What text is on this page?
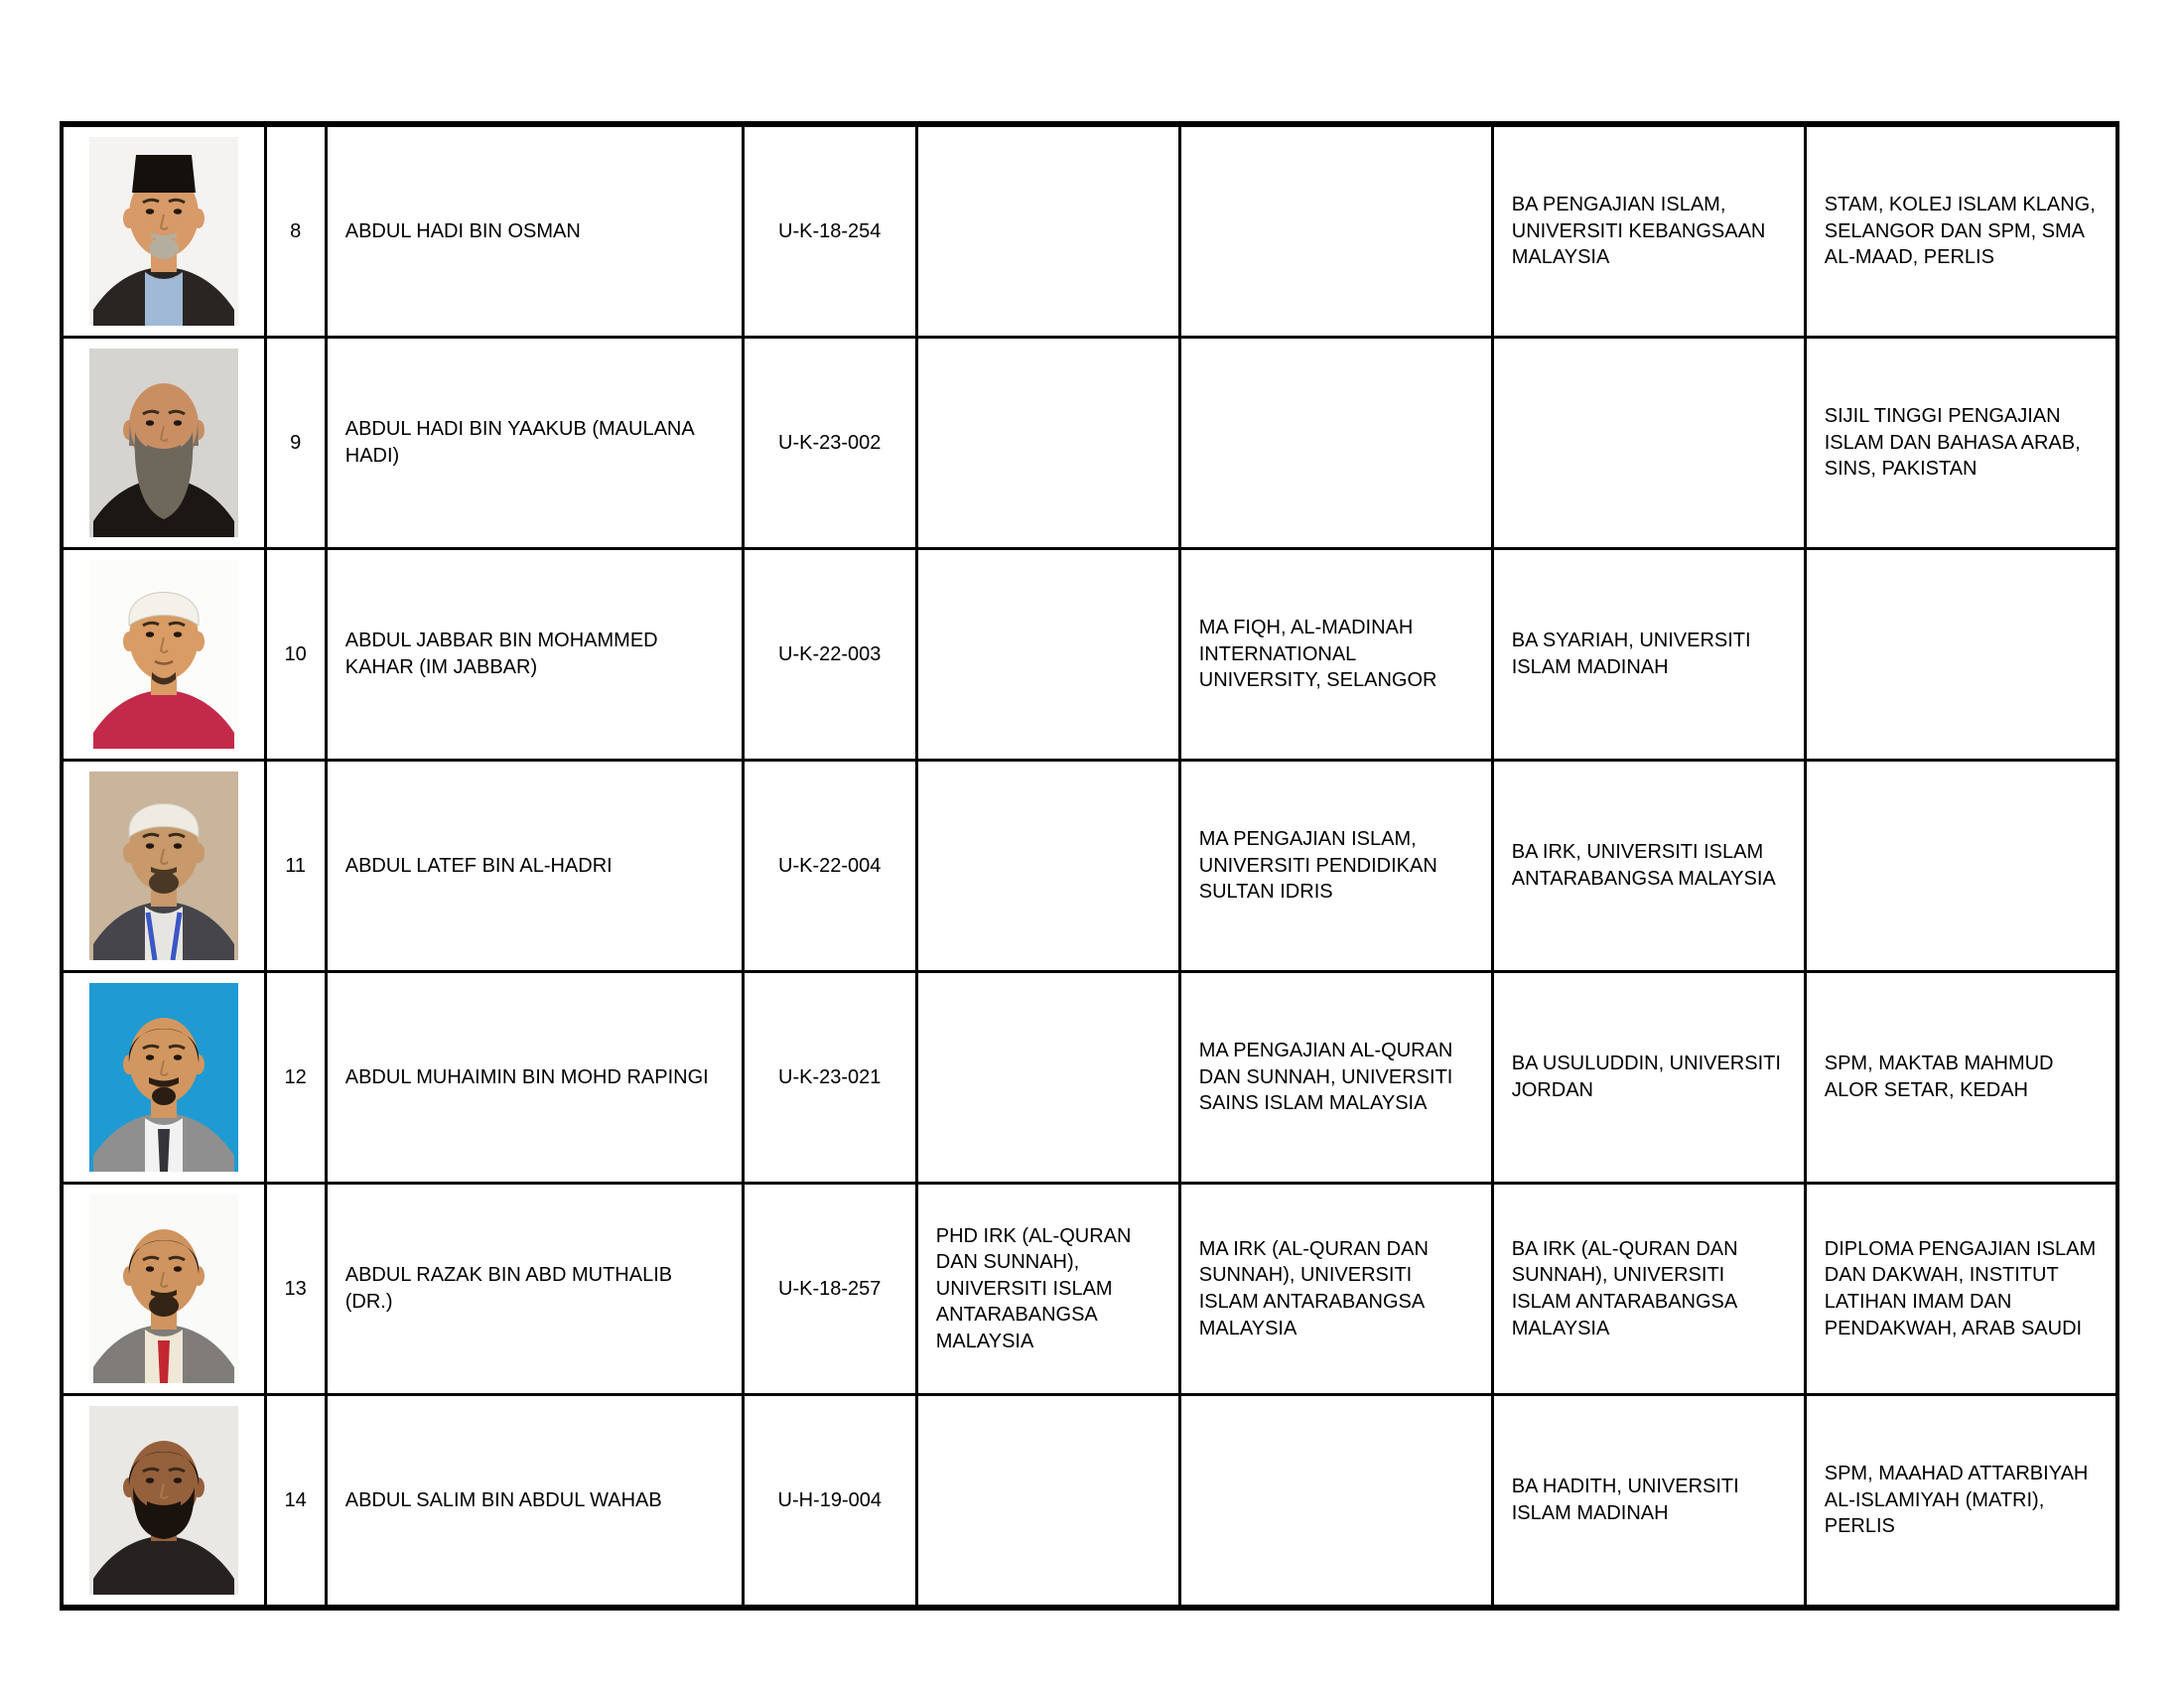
	8	ABDUL HADI BIN OSMAN	U-K-18-254			BA PENGAJIAN ISLAM, UNIVERSITI KEBANGSAAN MALAYSIA	STAM, KOLEJ ISLAM KLANG, SELANGOR DAN SPM, SMA AL-MAAD, PERLIS

	9	ABDUL HADI BIN YAAKUB (MAULANA HADI)	U-K-23-002				SIJIL TINGGI PENGAJIAN ISLAM DAN BAHASA ARAB, SINS, PAKISTAN

	10	ABDUL JABBAR BIN MOHAMMED KAHAR (IM JABBAR)	U-K-22-003		MA FIQH, AL-MADINAH INTERNATIONAL UNIVERSITY, SELANGOR	BA SYARIAH, UNIVERSITI ISLAM MADINAH	

	11	ABDUL LATEF BIN AL-HADRI	U-K-22-004		MA PENGAJIAN ISLAM, UNIVERSITI PENDIDIKAN SULTAN IDRIS	BA IRK, UNIVERSITI ISLAM ANTARABANGSA MALAYSIA	

	12	ABDUL MUHAIMIN BIN MOHD RAPINGI	U-K-23-021		MA PENGAJIAN AL-QURAN DAN SUNNAH, UNIVERSITI SAINS ISLAM MALAYSIA	BA USULUDDIN, UNIVERSITI JORDAN	SPM, MAKTAB MAHMUD ALOR SETAR, KEDAH

	13	ABDUL RAZAK BIN ABD MUTHALIB (DR.)	U-K-18-257	PHD IRK (AL-QURAN DAN SUNNAH), UNIVERSITI ISLAM ANTARABANGSA MALAYSIA	MA IRK (AL-QURAN DAN SUNNAH), UNIVERSITI ISLAM ANTARABANGSA MALAYSIA	BA IRK (AL-QURAN DAN SUNNAH), UNIVERSITI ISLAM ANTARABANGSA MALAYSIA	DIPLOMA PENGAJIAN ISLAM DAN DAKWAH, INSTITUT LATIHAN IMAM DAN PENDAKWAH, ARAB SAUDI

	14	ABDUL SALIM BIN ABDUL WAHAB	U-H-19-004			BA HADITH, UNIVERSITI ISLAM MADINAH	SPM, MAAHAD ATTARBIYAH AL-ISLAMIYAH (MATRI), PERLIS
